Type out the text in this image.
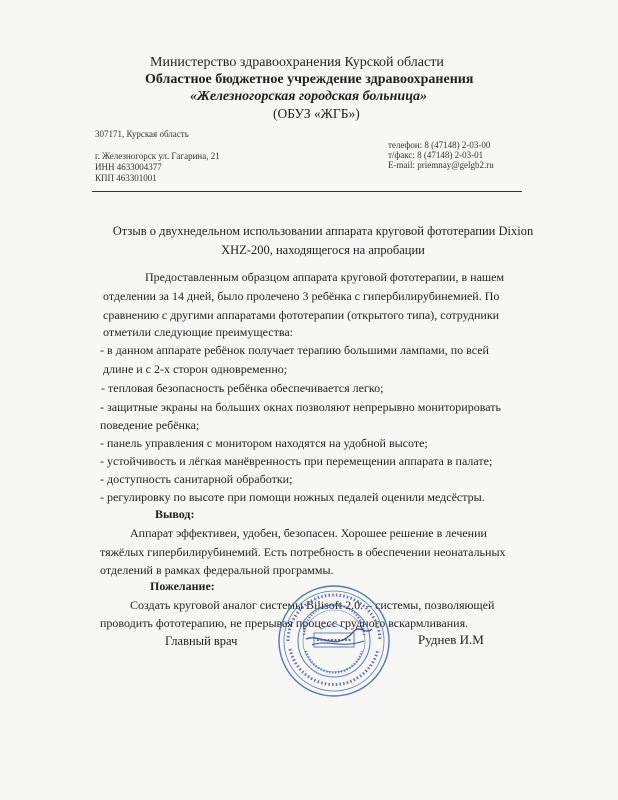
Министерство здравоохранения Курской области
Областное бюджетное учреждение здравоохранения
«Железногорская городская больница»
(ОБУЗ «ЖГБ»)
307171, Курская область
г. Железногорск ул. Гагарина, 21
ИНН 4633004377
КПП 463301001
телефон: 8 (47148) 2-03-00
т/факс: 8 (47148) 2-03-01
E-mail: priemnay@gelgb2.ru
Отзыв о двухнедельном использовании аппарата круговой фототерапии Dixion
XHZ-200, находящегося на апробации
Предоставленным образцом аппарата круговой фототерапии, в нашем
отделении за 14 дней, было пролечено 3 ребёнка с гипербилирубинемией. По
сравнению с другими аппаратами фототерапии (открытого типа), сотрудники
отметили следующие преимущества:
- в данном аппарате ребёнок получает терапию большими лампами, по всей
длине и с 2-х сторон одновременно;
- тепловая безопасность ребёнка обеспечивается легко;
- защитные экраны на больших окнах позволяют непрерывно мониторировать
поведение ребёнка;
- панель управления с монитором находятся на удобной высоте;
- устойчивость и лёгкая манёвренность при перемещении аппарата в палате;
- доступность санитарной обработки;
- регулировку по высоте при помощи ножных педалей оценили медсёстры.
Вывод:
Аппарат эффективен, удобен, безопасен. Хорошее решение в лечении
тяжёлых гипербилирубинемий. Есть потребность в обеспечении неонатальных
отделений в рамках федеральной программы.
Пожелание:
Создать круговой аналог системы Bilisoft 2.0. – системы, позволяющей
проводить фототерапию, не прерывая процесс грудного вскармливания.
Главный врач	Руднев И.М
